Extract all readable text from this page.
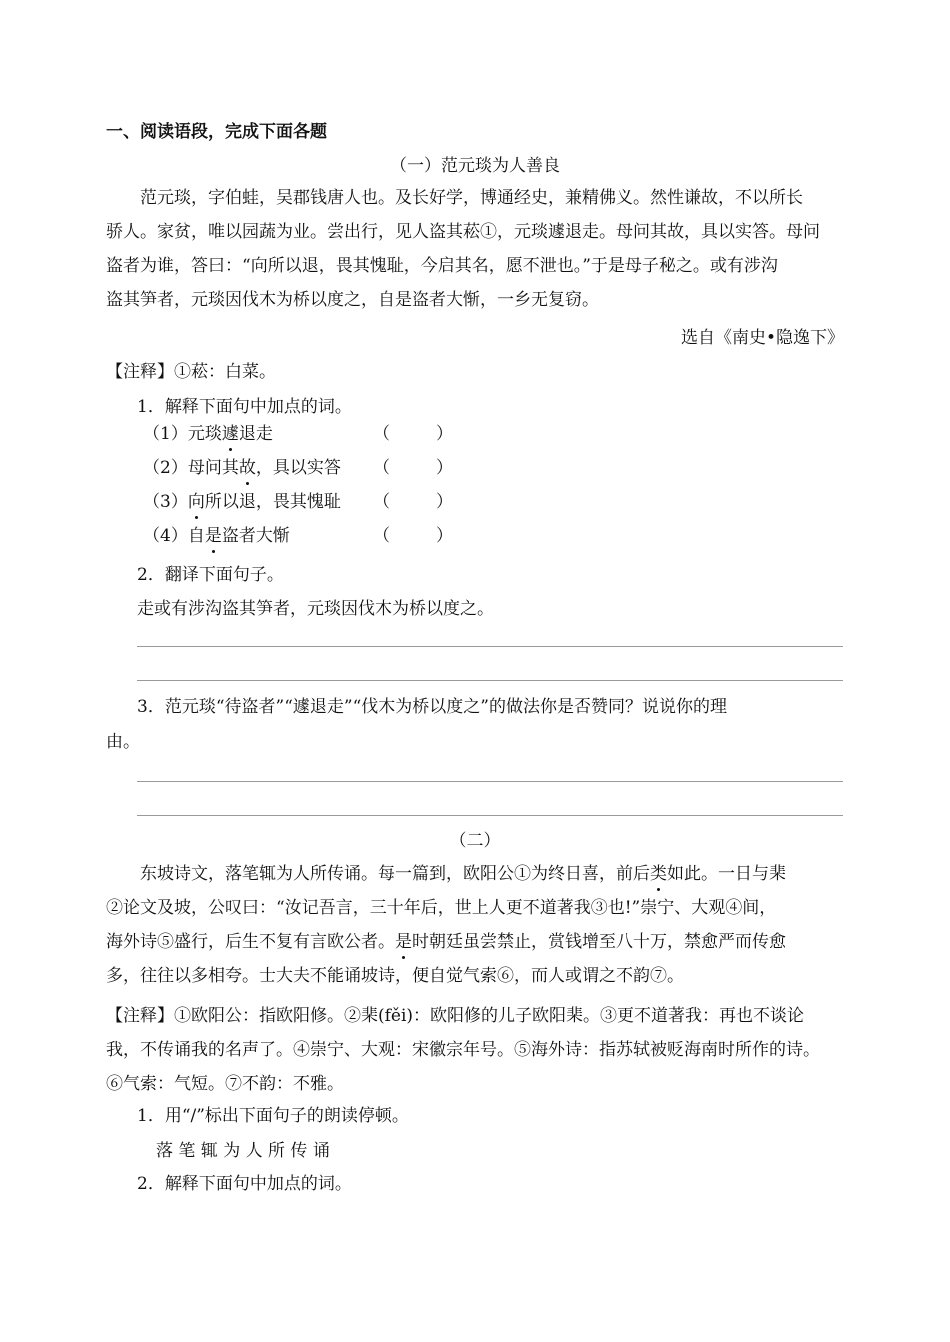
一、阅读语段，完成下面各题
（一）范元琰为人善良
范元琰，字伯蛙，吴郡钱唐人也。及长好学，博通经史，兼精佛义。然性谦故，不以所长
骄人。家贫，唯以园蔬为业。尝出行，见人盗其菘①，元琰遽退走。母问其故，具以实答。母问
盗者为谁，答曰：“向所以退，畏其愧耻，今启其名，愿不泄也。”于是母子秘之。或有涉沟
盗其笋者，元琰因伐木为桥以度之，自是盗者大惭，一乡无复窃。
选自《南史•隐逸下》
【注释】①菘：白菜。
1．解释下面句中加点的词。
（1）元琰遽退走	（	）
（2）母问其故，具以实答 （	）
（3）向所以退，畏其愧耻 （	）
（4）自是盗者大惭	（	）
2．翻译下面句子。
走或有涉沟盗其笋者，元琰因伐木为桥以度之。
3．范元琰“待盗者”“遽退走”“伐木为桥以度之”的做法你是否赞同？说说你的理
由。
（二）
东坡诗文，落笔辄为人所传诵。每一篇到，欧阳公①为终日喜，前后类如此。一日与棐
②论文及坡，公叹曰：“汝记吾言，三十年后，世上人更不道著我③也!”崇宁、大观④间，
海外诗⑤盛行，后生不复有言欧公者。是时朝廷虽尝禁止，赏钱增至八十万，禁愈严而传愈
多，往往以多相夸。士大夫不能诵坡诗，便自觉气索⑥，而人或谓之不韵⑦。
【注释】①欧阳公：指欧阳修。②棐(fěi)：欧阳修的儿子欧阳棐。③更不道著我：再也不谈论
我，不传诵我的名声了。④崇宁、大观：宋徽宗年号。⑤海外诗：指苏轼被贬海南时所作的诗。
⑥气索：气短。⑦不韵：不雅。
1．用“/”标出下面句子的朗读停顿。
落 笔 辄 为 人 所 传 诵
2．解释下面句中加点的词。
